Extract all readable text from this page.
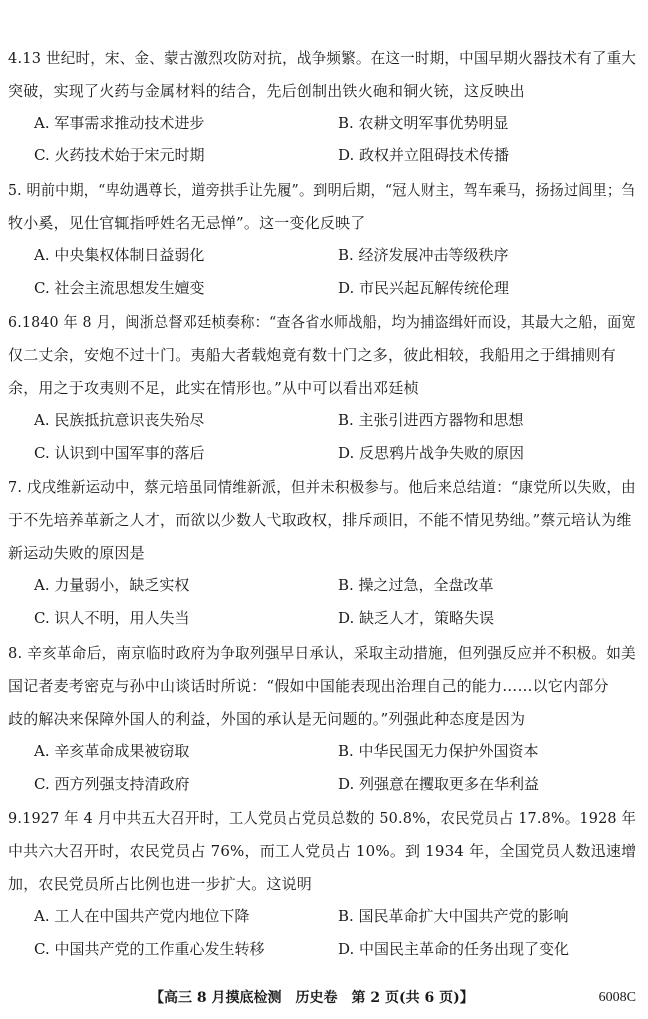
4.13 世纪时，宋、金、蒙古激烈攻防对抗，战争频繁。在这一时期，中国早期火器技术有了重大
突破，实现了火药与金属材料的结合，先后创制出铁火砲和铜火铳，这反映出
A. 军事需求推动技术进步	B. 农耕文明军事优势明显
C. 火药技术始于宋元时期	D. 政权并立阻碍技术传播
5. 明前中期，“卑幼遇尊长，道旁拱手让先履”。到明后期，“冠人财主，驾车乘马，扬扬过闾里；刍
牧小奚，见仕官辄指呼姓名无忌惮”。这一变化反映了
A. 中央集权体制日益弱化	B. 经济发展冲击等级秩序
C. 社会主流思想发生嬗变	D. 市民兴起瓦解传统伦理
6.1840 年 8 月，闽浙总督邓廷桢奏称：“查各省水师战船，均为捕盗缉奸而设，其最大之船，面宽
仅二丈余，安炮不过十门。夷船大者载炮竟有数十门之多，彼此相较，我船用之于缉捕则有
余，用之于攻夷则不足，此实在情形也。”从中可以看出邓廷桢
A. 民族抵抗意识丧失殆尽	B. 主张引进西方器物和思想
C. 认识到中国军事的落后	D. 反思鸦片战争失败的原因
7. 戊戌维新运动中，蔡元培虽同情维新派，但并未积极参与。他后来总结道：“康党所以失败，由
于不先培养革新之人才，而欲以少数人弋取政权，排斥顽旧，不能不情见势绌。”蔡元培认为维
新运动失败的原因是
A. 力量弱小，缺乏实权	B. 操之过急，全盘改革
C. 识人不明，用人失当	D. 缺乏人才，策略失误
8. 辛亥革命后，南京临时政府为争取列强早日承认，采取主动措施，但列强反应并不积极。如美
国记者麦考密克与孙中山谈话时所说：“假如中国能表现出治理自己的能力……以它内部分
歧的解决来保障外国人的利益，外国的承认是无问题的。”列强此种态度是因为
A. 辛亥革命成果被窃取	B. 中华民国无力保护外国资本
C. 西方列强支持清政府	D. 列强意在攫取更多在华利益
9.1927 年 4 月中共五大召开时，工人党员占党员总数的 50.8%，农民党员占 17.8%。1928 年
中共六大召开时，农民党员占 76%，而工人党员占 10%。到 1934 年，全国党员人数迅速增
加，农民党员所占比例也进一步扩大。这说明
A. 工人在中国共产党内地位下降	B. 国民革命扩大中国共产党的影响
C. 中国共产党的工作重心发生转移	D. 中国民主革命的任务出现了变化
【高三 8 月摸底检测　历史卷　第 2 页(共 6 页)】	6008C
